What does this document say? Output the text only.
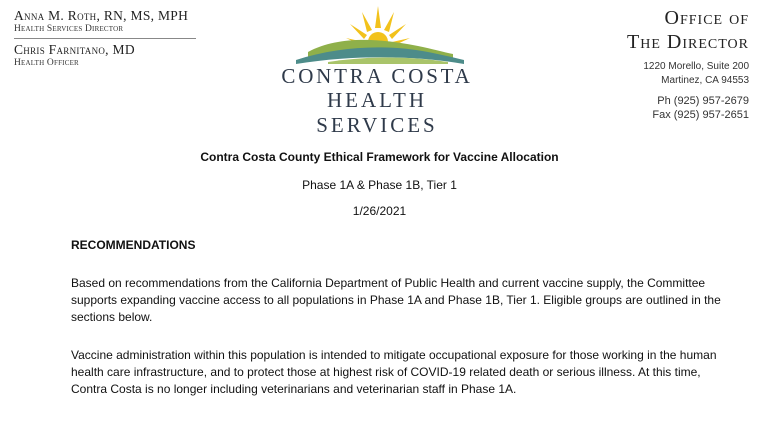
Anna M. Roth, RN, MS, MPH
Health Services Director
Chris Farnitano, MD
Health Officer
CONTRA COSTA
HEALTH SERVICES
Office of
The Director
1220 Morello, Suite 200
Martinez, CA 94553
Ph (925) 957-2679
Fax (925) 957-2651
Contra Costa County Ethical Framework for Vaccine Allocation
Phase 1A & Phase 1B, Tier 1
1/26/2021
RECOMMENDATIONS

Based on recommendations from the California Department of Public Health and current vaccine supply, the Committee supports expanding vaccine access to all populations in Phase 1A and Phase 1B, Tier 1. Eligible groups are outlined in the sections below.

Vaccine administration within this population is intended to mitigate occupational exposure for those working in the human health care infrastructure, and to protect those at highest risk of COVID-19 related death or serious illness. At this time, Contra Costa is no longer including veterinarians and veterinarian staff in Phase 1A.
